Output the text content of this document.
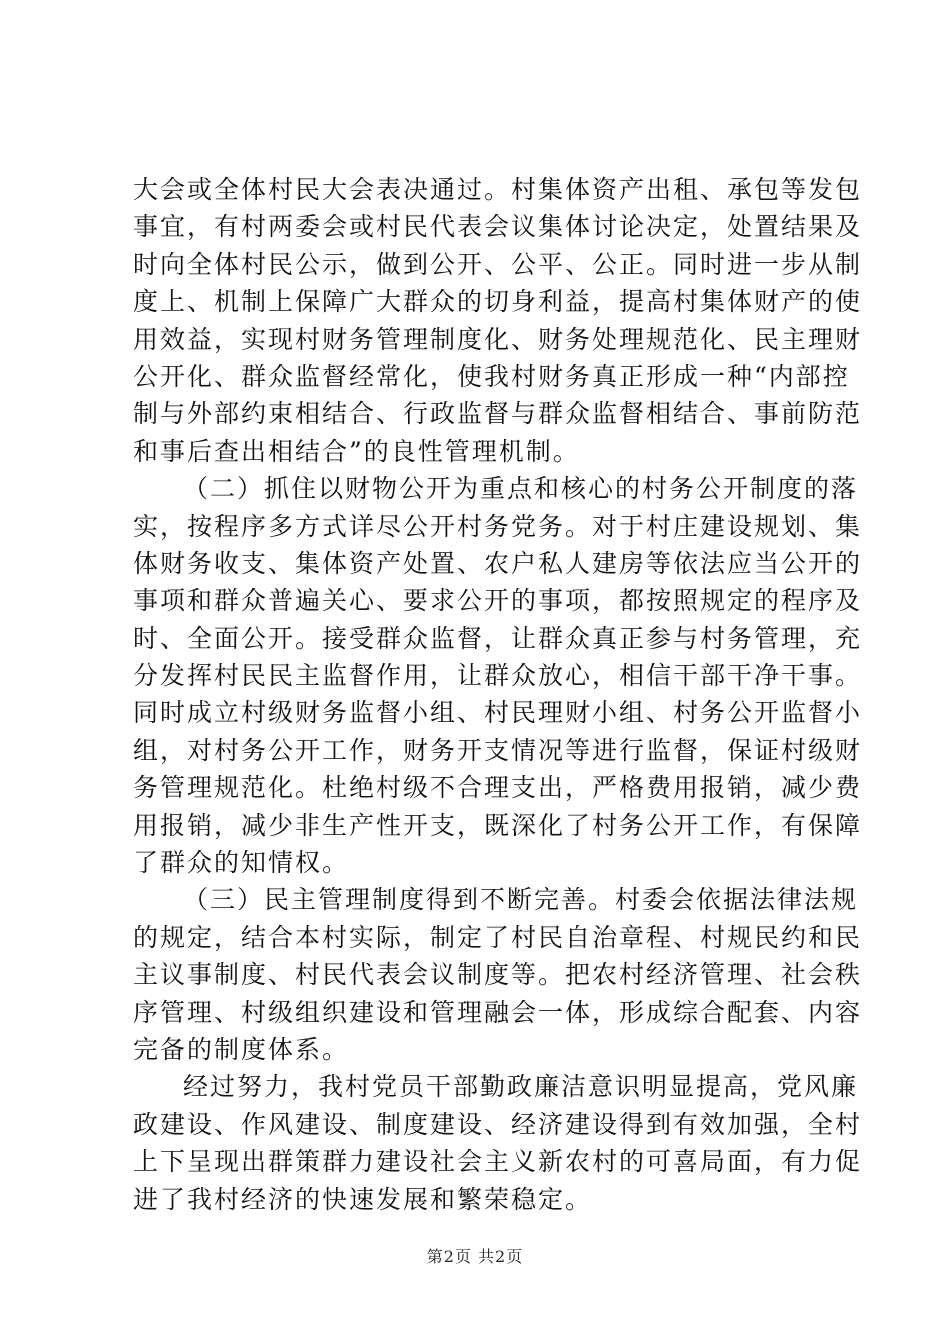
大会或全体村民大会表决通过。村集体资产出租、承包等发包
事宜，有村两委会或村民代表会议集体讨论决定，处置结果及
时向全体村民公示，做到公开、公平、公正。同时进一步从制
度上、机制上保障广大群众的切身利益，提高村集体财产的使
用效益，实现村财务管理制度化、财务处理规范化、民主理财
公开化、群众监督经常化，使我村财务真正形成一种“内部控
制与外部约束相结合、行政监督与群众监督相结合、事前防范
和事后查出相结合”的良性管理机制。
（二）抓住以财物公开为重点和核心的村务公开制度的落
实，按程序多方式详尽公开村务党务。对于村庄建设规划、集
体财务收支、集体资产处置、农户私人建房等依法应当公开的
事项和群众普遍关心、要求公开的事项，都按照规定的程序及
时、全面公开。接受群众监督，让群众真正参与村务管理，充
分发挥村民民主监督作用，让群众放心，相信干部干净干事。
同时成立村级财务监督小组、村民理财小组、村务公开监督小
组，对村务公开工作，财务开支情况等进行监督，保证村级财
务管理规范化。杜绝村级不合理支出，严格费用报销，减少费
用报销，减少非生产性开支，既深化了村务公开工作，有保障
了群众的知情权。
（三）民主管理制度得到不断完善。村委会依据法律法规
的规定，结合本村实际，制定了村民自治章程、村规民约和民
主议事制度、村民代表会议制度等。把农村经济管理、社会秩
序管理、村级组织建设和管理融会一体，形成综合配套、内容
完备的制度体系。
经过努力，我村党员干部勤政廉洁意识明显提高，党风廉
政建设、作风建设、制度建设、经济建设得到有效加强，全村
上下呈现出群策群力建设社会主义新农村的可喜局面，有力促
进了我村经济的快速发展和繁荣稳定。
第2页 共2页
